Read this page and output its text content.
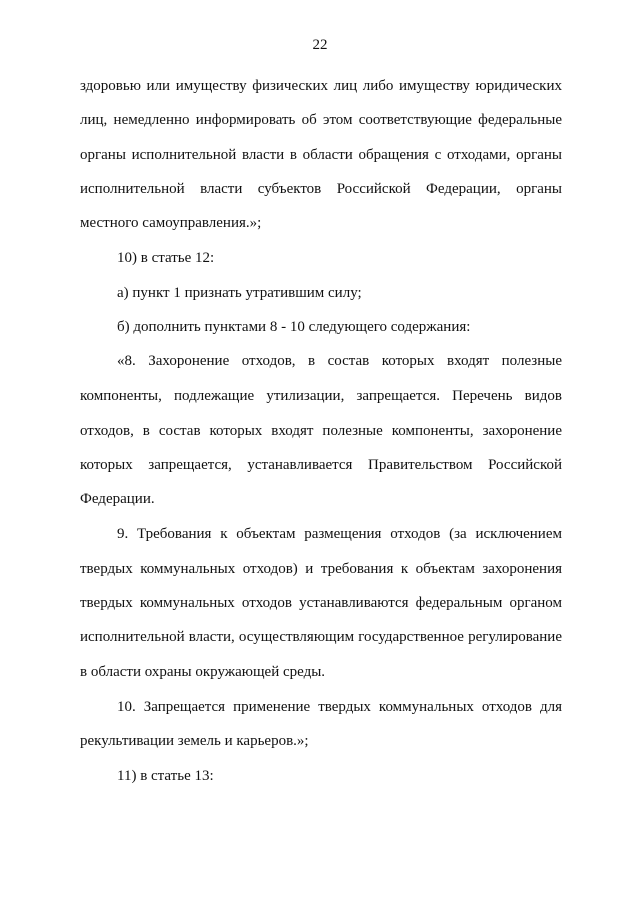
22
здоровью или имуществу физических лиц либо имуществу юридических
лиц, немедленно информировать об этом соответствующие федеральные
органы исполнительной власти в области обращения с отходами, органы
исполнительной власти субъектов Российской Федерации, органы
местного самоуправления.»;
10) в статье 12:
а) пункт 1 признать утратившим силу;
б) дополнить пунктами 8 - 10 следующего содержания:
«8. Захоронение отходов, в состав которых входят полезные
компоненты, подлежащие утилизации, запрещается. Перечень видов
отходов, в состав которых входят полезные компоненты, захоронение
которых запрещается, устанавливается Правительством Российской
Федерации.
9. Требования к объектам размещения отходов (за исключением
твердых коммунальных отходов) и требования к объектам захоронения
твердых коммунальных отходов устанавливаются федеральным органом
исполнительной власти, осуществляющим государственное регулирование
в области охраны окружающей среды.
10. Запрещается применение твердых коммунальных отходов для
рекультивации земель и карьеров.»;
11) в статье 13:
